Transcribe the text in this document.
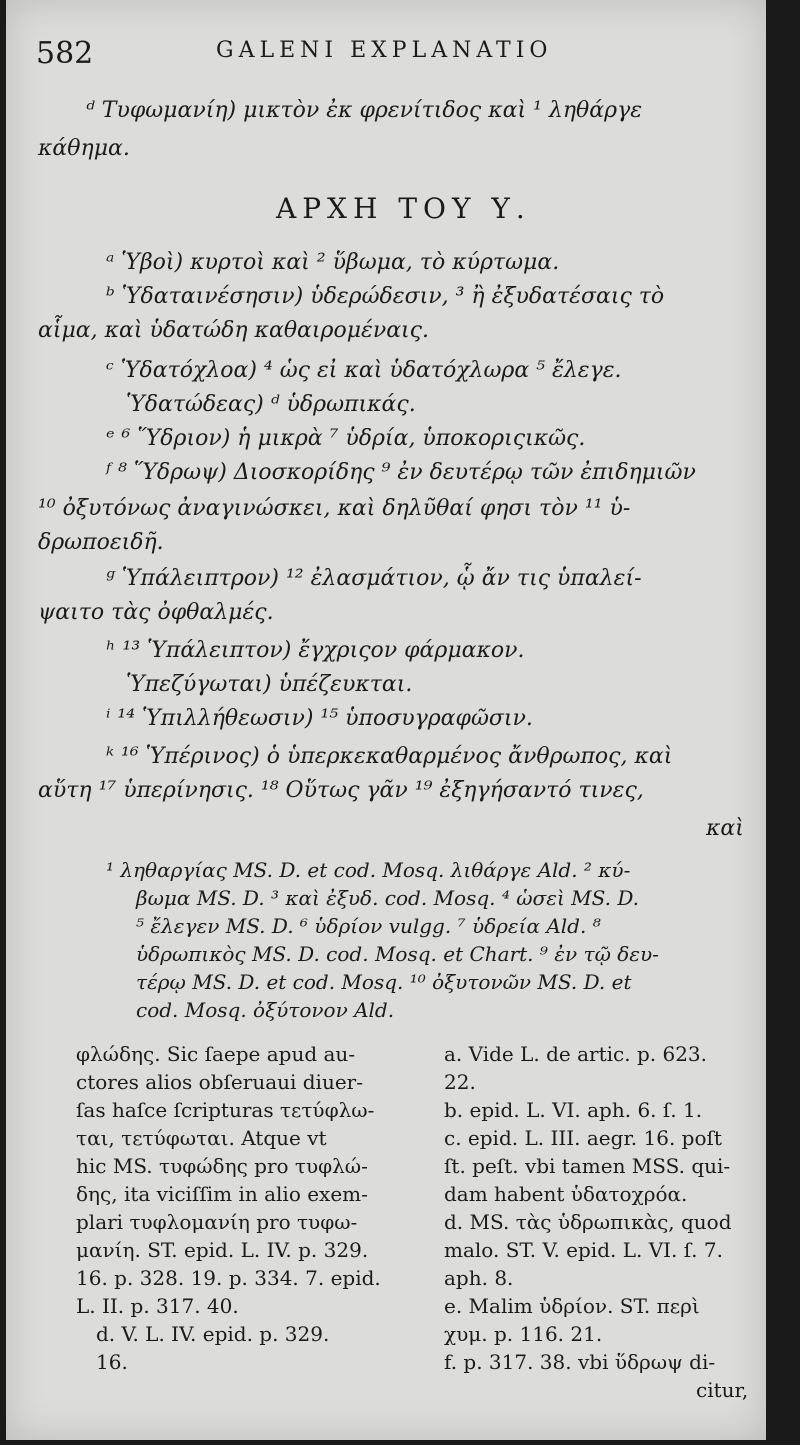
582	GALENI EXPLANATIO
ᵈ Τυφωμανίη) μικτὸν ἐκ φρενίτιδος καὶ ¹ ληθάργε
κάθημα.
ΑΡΧΗ ΤΟΥ Υ.
ᵃ Ὑβοὶ) κυρτοὶ καὶ ² ὕβωμα, τὸ κύρτωμα.
ᵇ Ὑδαταινέσησιν) ὑδερώδεσιν, ³ ἢ ἐξυδατέσαις τὸ
αἷμα, καὶ ὑδατώδη καθαιρομέναις.
ᶜ Ὑδατόχλοα) ⁴ ὡς εἰ καὶ ὑδατόχλωρα ⁵ ἔλεγε.
Ὑδατώδεας) ᵈ ὑδρωπικάς.
ᵉ ⁶ Ὕδριον) ἡ μικρὰ ⁷ ὑδρία, ὑποκοριςικῶς.
ᶠ ⁸ Ὕδρωψ) Διοσκορίδης ⁹ ἐν δευτέρῳ τῶν ἐπιδημιῶν
¹⁰ ὀξυτόνως ἀναγινώσκει, καὶ δηλῦθαί φησι τὸν ¹¹ ὑ-
δρωποειδῆ.
ᵍ Ὑπάλειπτρον) ¹² ἐλασμάτιον, ᾧ ἄν τις ὑπαλεί-
ψαιτο τὰς ὀφθαλμές.
ʰ ¹³ Ὑπάλειπτον) ἔγχριςον φάρμακον.
Ὑπεζύγωται) ὑπέζευκται.
ⁱ ¹⁴ Ὑπιλλήθεωσιν) ¹⁵ ὑποσυγραφῶσιν.
ᵏ ¹⁶ Ὑπέρινος) ὁ ὑπερκεκαθαρμένος ἄνθρωπος, καὶ
αὕτη ¹⁷ ὑπερίνησις. ¹⁸ Οὕτως γᾶν ¹⁹ ἐξηγήσαντό τινες,
καὶ
¹ ληθαργίας MS. D. et cod. Mosq. λιθάργε Ald. ² κύ-
βωμα MS. D. ³ καὶ ἐξυδ. cod. Mosq. ⁴ ὡσεὶ MS. D.
⁵ ἔλεγεν MS. D. ⁶ ὑδρίον vulgg. ⁷ ὑδρεία Ald. ⁸
ὑδρωπικὸς MS. D. cod. Mosq. et Chart. ⁹ ἐν τῷ δευ-
τέρῳ MS. D. et cod. Mosq. ¹⁰ ὀξυτονῶν MS. D. et
cod. Mosq. ὀξύτονον Ald.
φλώδης. Sic ſaepe apud au-
ctores alios obſeruaui diuer-
ſas haſce ſcripturas τετύφλω-
ται, τετύφωται. Atque vt
hic MS. τυφώδης pro τυφλώ-
δης, ita viciſſim in alio exem-
plari τυφλομανίη pro τυφω-
μανίη. ST. epid. L. IV. p. 329.
16. p. 328. 19. p. 334. 7. epid.
L. II. p. 317. 40.
d. V. L. IV. epid. p. 329.
16.
a. Vide L. de artic. p. 623.
22.
b. epid. L. VI. aph. 6. ſ. 1.
c. epid. L. III. aegr. 16. poſt
ſt. peſt. vbi tamen MSS. qui-
dam habent ὑδατοχρόα.
d. MS. τὰς ὑδρωπικὰς, quod
malo. ST. V. epid. L. VI. ſ. 7.
aph. 8.
e. Malim ὑδρίον. ST. περὶ
χυμ. p. 116. 21.
f. p. 317. 38. vbi ὕδρωψ di-
citur,
